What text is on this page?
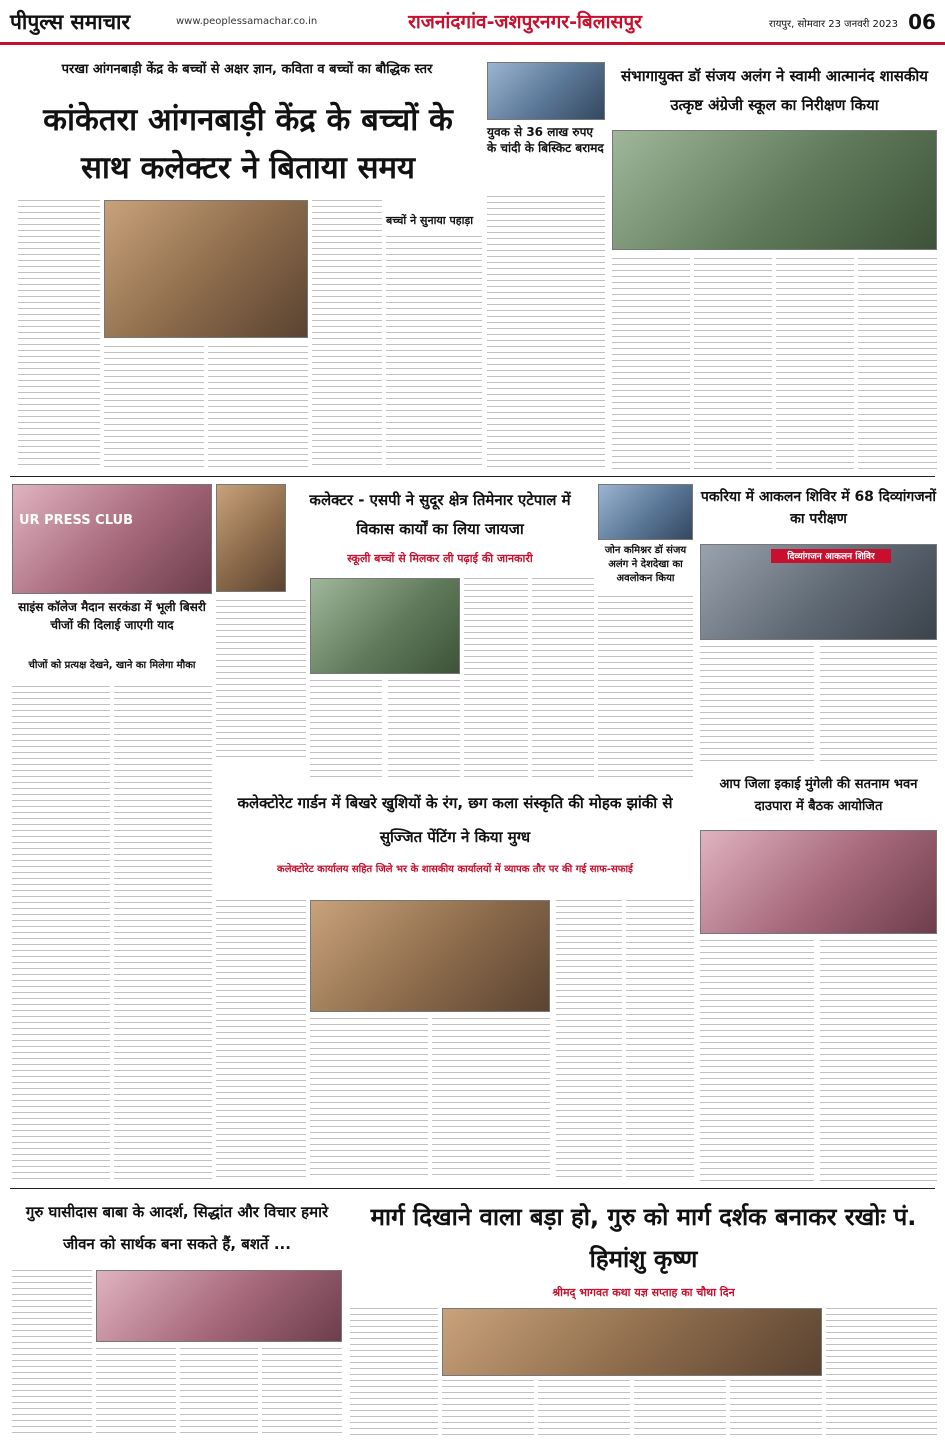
पीपुल्स समाचार	www.peoplessamachar.co.in	राजनांदगांव-जशपुरनगर-बिलासपुर	रायपुर, सोमवार 23 जनवरी 2023 06
परखा आंगनबाड़ी केंद्र के बच्चों से अक्षर ज्ञान, कविता व बच्चों का बौद्धिक स्तर
कांकेतरा आंगनबाड़ी केंद्र के बच्चों के साथ कलेक्टर ने बिताया समय
बच्चों ने सुनाया पहाड़ा
युवक से 36 लाख रुपए के चांदी के बिस्किट बरामद
संभागायुक्त डॉ संजय अलंग ने स्वामी आत्मानंद शासकीय उत्कृष्ट अंग्रेजी स्कूल का निरीक्षण किया
UR PRESS CLUB
साइंस कॉलेज मैदान सरकंडा में भूली बिसरी चीजों की दिलाई जाएगी याद
चीजों को प्रत्यक्ष देखने, खाने का मिलेगा मौका
कलेक्टर - एसपी ने सुदूर क्षेत्र तिमेनार एटेपाल में विकास कार्यों का लिया जायजा
स्कूली बच्चों से मिलकर ली पढ़ाई की जानकारी
जोन कमिश्नर डॉ संजय अलंग ने देशदेखा का अवलोकन किया
पकरिया में आकलन शिविर में 68 दिव्यांगजनों का परीक्षण
दिव्यांगजन आकलन शिविर
आप जिला इकाई मुंगेली की सतनाम भवन दाउपारा में बैठक आयोजित
कलेक्टोरेट गार्डन में बिखरे खुशियों के रंग, छग कला संस्कृति की मोहक झांकी से सुज्जित पेंटिंग ने किया मुग्ध
कलेक्टोरेट कार्यालय सहित जिले भर के शासकीय कार्यालयों में व्यापक तौर पर की गई साफ-सफाई
गुरु घासीदास बाबा के आदर्श, सिद्धांत और विचार हमारे जीवन को सार्थक बना सकते हैं, बशर्ते ...
मार्ग दिखाने वाला बड़ा हो, गुरु को मार्ग दर्शक बनाकर रखोः पं. हिमांशु कृष्ण
श्रीमद् भागवत कथा यज्ञ सप्ताह का चौथा दिन
